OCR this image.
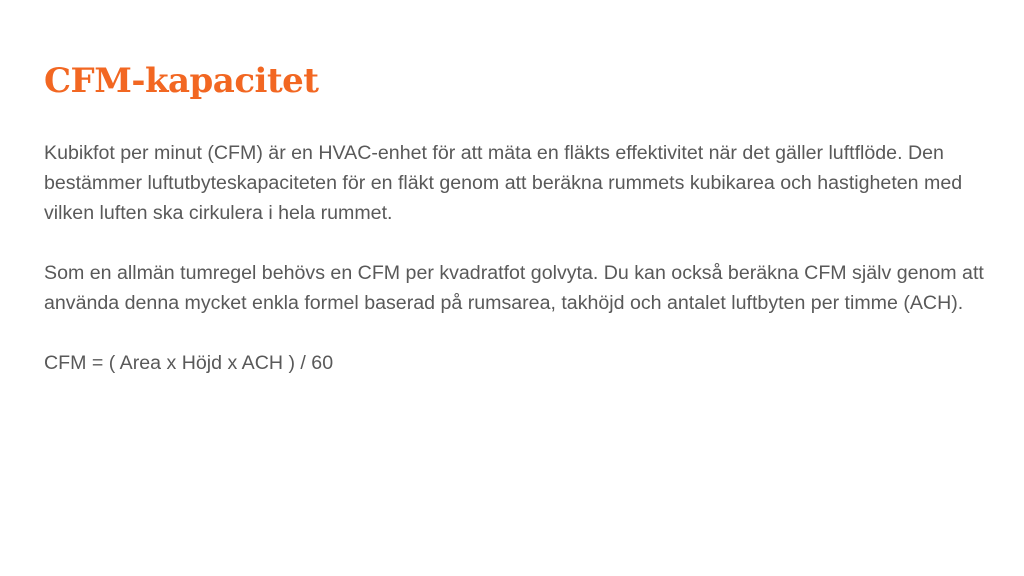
CFM-kapacitet

Kubikfot per minut (CFM) är en HVAC-enhet för att mäta en fläkts effektivitet när det gäller luftflöde. Den bestämmer luftutbyteskapaciteten för en fläkt genom att beräkna rummets kubikarea och hastigheten med vilken luften ska cirkulera i hela rummet.

Som en allmän tumregel behövs en CFM per kvadratfot golvyta. Du kan också beräkna CFM själv genom att använda denna mycket enkla formel baserad på rumsarea, takhöjd och antalet luftbyten per timme (ACH).

CFM = ( Area x Höjd x ACH ) / 60
